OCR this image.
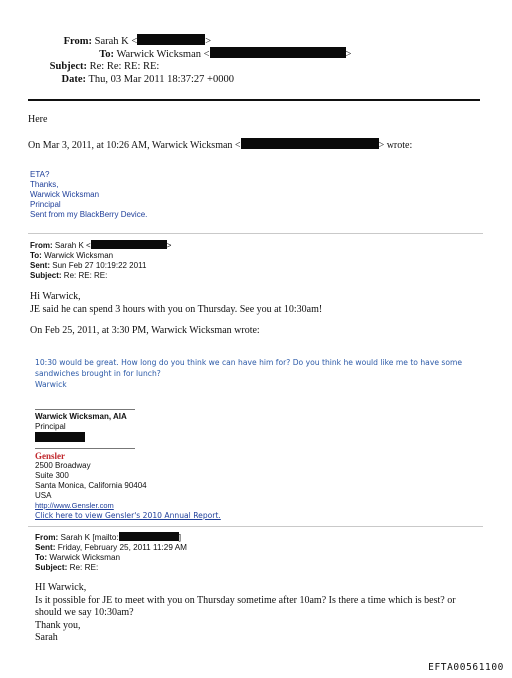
From: Sarah K <	>
To: Warwick Wicksman <	>
Subject: Re: Re: RE: RE:
Date: Thu, 03 Mar 2011 18:37:27 +0000
Here
On Mar 3, 2011, at 10:26 AM, Warwick Wicksman <	> wrote:
ETA?
Thanks,
Warwick Wicksman
Principal
Sent from my BlackBerry Device.
From: Sarah K <	>
To: Warwick Wicksman
Sent: Sun Feb 27 10:19:22 2011
Subject: Re: RE: RE:
Hi Warwick,
JE said he can spend 3 hours with you on Thursday. See you at 10:30am!
On Feb 25, 2011, at 3:30 PM, Warwick Wicksman wrote:
10:30 would be great. How long do you think we can have him for? Do you think he would like me to have some
sandwiches brought in for lunch?
Warwick
Warwick Wicksman, AIA
Principal
Gensler
2500 Broadway
Suite 300
Santa Monica, California 90404
USA
http://www.Gensler.com
Click here to view Gensler's 2010 Annual Report.
From: Sarah K [mailto:	]
Sent: Friday, February 25, 2011 11:29 AM
To: Warwick Wicksman
Subject: Re: RE:
HI Warwick,
Is it possible for JE to meet with you on Thursday sometime after 10am? Is there a time which is best? or
should we say 10:30am?
Thank you,
Sarah
EFTA00561100
